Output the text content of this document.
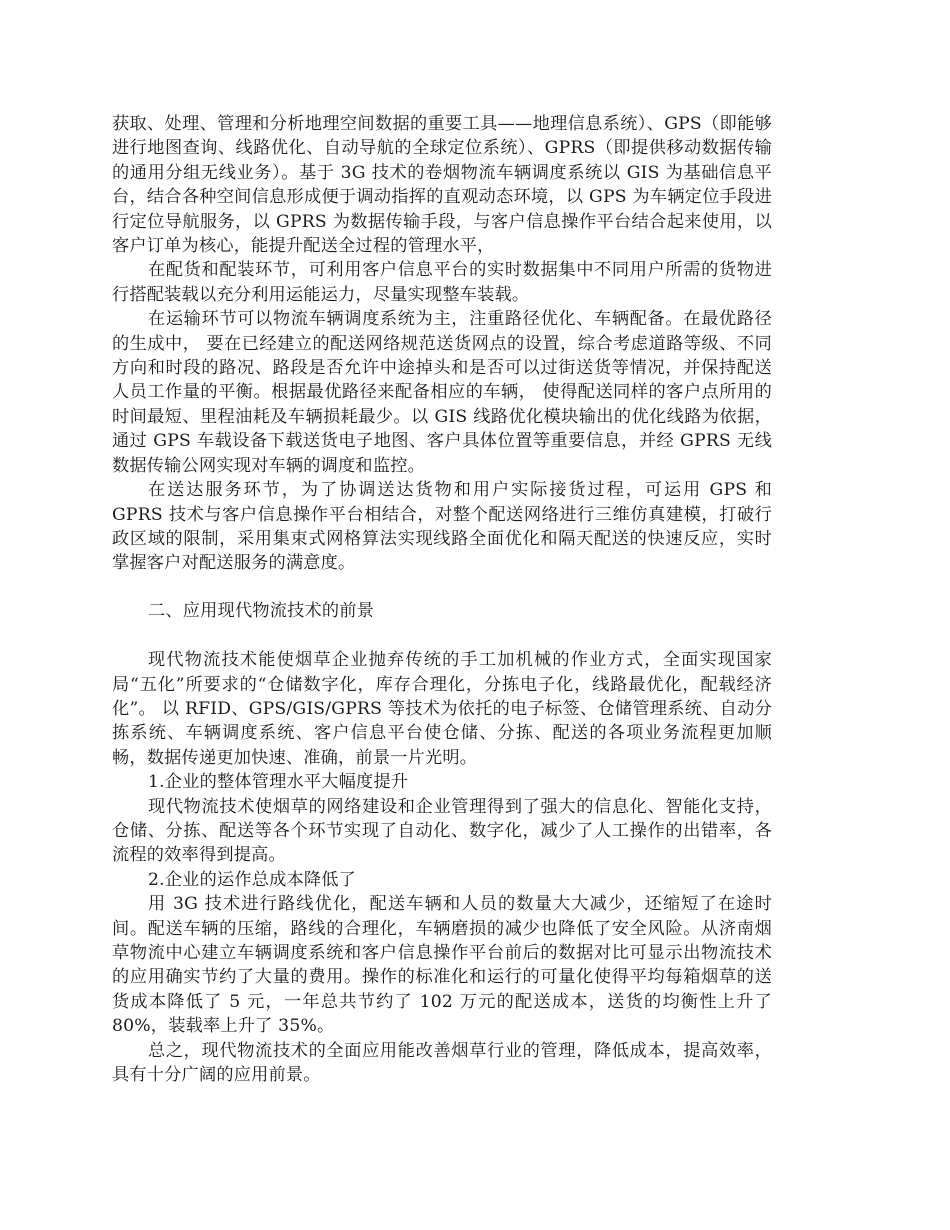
获取、处理、管理和分析地理空间数据的重要工具——地理信息系统）、GPS（即能够进行地图查询、线路优化、自动导航的全球定位系统）、GPRS（即提供移动数据传输的通用分组无线业务）。基于 3G 技术的卷烟物流车辆调度系统以 GIS 为基础信息平台，结合各种空间信息形成便于调动指挥的直观动态环境，以 GPS 为车辆定位手段进行定位导航服务，以 GPRS 为数据传输手段，与客户信息操作平台结合起来使用，以客户订单为核心，能提升配送全过程的管理水平，

在配货和配装环节，可利用客户信息平台的实时数据集中不同用户所需的货物进行搭配装载以充分利用运能运力，尽量实现整车装载。

在运输环节可以物流车辆调度系统为主，注重路径优化、车辆配备。在最优路径的生成中， 要在已经建立的配送网络规范送货网点的设置，综合考虑道路等级、不同方向和时段的路况、路段是否允许中途掉头和是否可以过街送货等情况，并保持配送人员工作量的平衡。根据最优路径来配备相应的车辆， 使得配送同样的客户点所用的时间最短、里程油耗及车辆损耗最少。以 GIS 线路优化模块输出的优化线路为依据，通过 GPS 车载设备下载送货电子地图、客户具体位置等重要信息，并经 GPRS 无线数据传输公网实现对车辆的调度和监控。

在送达服务环节，为了协调送达货物和用户实际接货过程，可运用 GPS 和 GPRS 技术与客户信息操作平台相结合，对整个配送网络进行三维仿真建模，打破行政区域的限制，采用集束式网格算法实现线路全面优化和隔天配送的快速反应，实时掌握客户对配送服务的满意度。

二、应用现代物流技术的前景

现代物流技术能使烟草企业抛弃传统的手工加机械的作业方式，全面实现国家局“五化”所要求的“仓储数字化，库存合理化，分拣电子化，线路最优化，配载经济化”。 以 RFID、GPS/GIS/GPRS 等技术为依托的电子标签、仓储管理系统、自动分拣系统、车辆调度系统、客户信息平台使仓储、分拣、配送的各项业务流程更加顺畅，数据传递更加快速、准确，前景一片光明。

1.企业的整体管理水平大幅度提升

现代物流技术使烟草的网络建设和企业管理得到了强大的信息化、智能化支持，仓储、分拣、配送等各个环节实现了自动化、数字化，减少了人工操作的出错率，各流程的效率得到提高。

2.企业的运作总成本降低了

用 3G 技术进行路线优化，配送车辆和人员的数量大大减少，还缩短了在途时间。配送车辆的压缩，路线的合理化，车辆磨损的减少也降低了安全风险。从济南烟草物流中心建立车辆调度系统和客户信息操作平台前后的数据对比可显示出物流技术的应用确实节约了大量的费用。操作的标准化和运行的可量化使得平均每箱烟草的送货成本降低了 5 元，一年总共节约了 102 万元的配送成本，送货的均衡性上升了 80%，装载率上升了 35%。

总之，现代物流技术的全面应用能改善烟草行业的管理，降低成本，提高效率，具有十分广阔的应用前景。
